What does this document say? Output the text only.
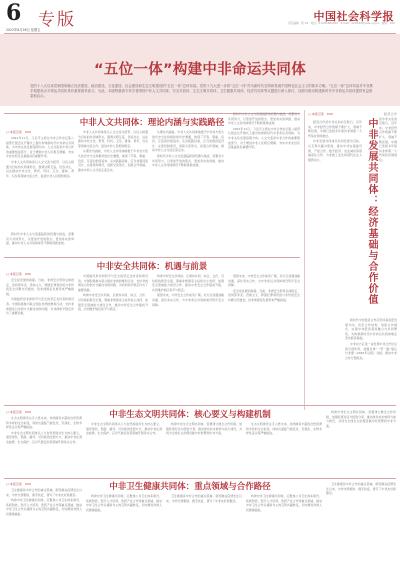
6
2022年8月26日 星期五
专版	中国社会科学报
责任编辑：陈 XX　电话：010-85885XXX　E-mail：XXXXXX@cass.org.cn　排版：XXX
“五位一体”构建中非命运共同体
党的十八大以来党和国家确立经济建设、政治建设、文化建设、社会建设和生态文明建设的“五位一体”总体布局。党的十九大进一步将“五位一体”作为新时代坚持和发展中国特色社会主义的基本方略。“五位一体”总体布局对中非携手构建高水平命运共同体具有重要指导意义。为此，本版特邀请专家学者围绕中非人文共同体、安全共同体、生态文明共同体、卫生健康共同体、经济共同体等议题进行深入探讨，以期为推动构建新时代中非命运共同体提供有益借鉴和启示。
中非发展共同体：经济基础与合作价值
□ 本报记者　XXX

经济合作是中非关系的压舱石。近年来，中非经贸合作规模不断扩大，领域不断拓展，中国已连续多年保持非洲第一大贸易伙伴国地位。

中非发展共同体以共同发展为目标，以互利共赢为原则，推动中非在基础设施、产能合作、数字经济、农业减贫等领域深化合作，为非洲工业化和现代化注入强劲动力。

新时代中非经济合作应坚持高质量发展方向，优化合作结构，创新合作模式，实现中非经济深度融合与共同繁荣，为构建新时代中非命运共同体奠定坚实经济基础。

中非双方应进一步发挥中非合作论坛的引领作用，加强共建“一带一路”倡议与非盟《2063年议程》对接，推动中非合作行稳致远。

经济合作是中非关系的压舱石。近年来，中非经贸合作规模不断扩大，领域不断拓展，中国已连续多年保持非洲第一大贸易伙伴国地位。

中非人文共同体：理论内涵与实践路径
□ 本报记者　XXX

2021年11月，习近平主席在中非合作论坛第八届部长级会议开幕式上提出构建新时代中非命运共同体，为中非关系发展指明方向。人文交流是中非合作的重要组成部分，对于增进中非人民相互理解、夯实中非友好民意基础具有重要作用。

中非人文共同体是以人文交流为纽带、以民心相通为目标的共同体形态，强调文明互鉴、包容共生，旨在推动中非文化、教育、科技、卫生、媒体、青年、妇女等领域交流合作，促进中非人民相知相亲。

中非人文共同体是以人文交流为纽带、以民心相通为目标的共同体形态，强调文明互鉴、包容共生，旨在推动中非文化、教育、科技、卫生、媒体、青年、妇女等领域交流合作，促进中非人民相知相亲。

从理论内涵看，中非人文共同体植根于中非双方悠久的历史交往和相似的历史遭遇，体现了平等、尊重、包容、互鉴的价值追求。从实践路径看，应当加强顶层设计，完善机制建设，创新交流形式，拓展合作领域，推动中非人文交流走深走实。

从理论内涵看，中非人文共同体植根于中非双方悠久的历史交往和相似的历史遭遇，体现了平等、尊重、包容、互鉴的价值追求。从实践路径看，应当加强顶层设计，完善机制建设，创新交流形式，拓展合作领域，推动中非人文交流走深走实。

新时代中非人文交流面临新的机遇与挑战，需要双方共同努力，以更加开放的姿态、更加务实的举措，推动中非人文共同体建设不断取得新成效。

新时代中非人文交流面临新的机遇与挑战，需要双方共同努力，以更加开放的姿态、更加务实的举措，推动中非人文共同体建设不断取得新成效。

2021年11月，习近平主席在中非合作论坛第八届部长级会议开幕式上提出构建新时代中非命运共同体，为中非关系发展指明方向。人文交流是中非合作的重要组成部分，对于增进中非人民相互理解、夯实中非友好民意基础具有重要作用。

新时代中非人文交流面临新的机遇与挑战，需要双方共同努力，以更加开放的姿态、更加务实的举措，推动中非人文共同体建设不断取得新成效。

中非安全共同体：机遇与前景
□ 本报记者　XXX

安全是发展的前提。当前，非洲安全形势总体稳定，但局部冲突、恐怖主义、跨国犯罪等传统与非传统安全问题交织叠加，给非洲国家发展带来严峻挑战。

中国始终是非洲和平与安全的坚定支持者和建设者。中国积极参与联合国在非洲的维和行动，支持非洲国家以非洲方式解决非洲问题，为非洲和平稳定作出了重要贡献。

中国始终是非洲和平与安全的坚定支持者和建设者。中国积极参与联合国在非洲的维和行动，支持非洲国家以非洲方式解决非洲问题，为非洲和平稳定作出了重要贡献。

构建中非安全共同体，应秉持共同、综合、合作、可持续的新安全观，尊重非洲国家主权和自主选择，加强安全领域能力建设合作，推动中非安全合作提质升级，共同维护地区和平与稳定。

构建中非安全共同体，应秉持共同、综合、合作、可持续的新安全观，尊重非洲国家主权和自主选择，加强安全领域能力建设合作，推动中非安全合作提质升级，共同维护地区和平与稳定。

展望未来，中非安全合作前景广阔，双方应加强战略沟通，深化务实合作，为中非命运共同体建设筑牢安全屏障。

展望未来，中非安全合作前景广阔，双方应加强战略沟通，深化务实合作，为中非命运共同体建设筑牢安全屏障。

安全是发展的前提。当前，非洲安全形势总体稳定，但局部冲突、恐怖主义、跨国犯罪等传统与非传统安全问题交织叠加，给非洲国家发展带来严峻挑战。

中非生态文明共同体：核心要义与构建机制
□ 本报记者　XXX

生态文明建设关乎人类未来。非洲拥有丰富的自然资源和多样的生态系统，同时也面临气候变化、荒漠化、生物多样性丧失等严峻挑战。

中非生态文明共同体以人与自然和谐共生为核心要义，倡导绿色、低碳、循环、可持续的发展方式，推动中非在清洁能源、生态保护、应对气候变化等领域开展务实合作。

中非生态文明共同体以人与自然和谐共生为核心要义，倡导绿色、低碳、循环、可持续的发展方式，推动中非在清洁能源、生态保护、应对气候变化等领域开展务实合作。

构建中非生态文明共同体，需要建立健全合作机制，加强政策对话与经验分享，推动绿色技术转移与能力建设，共同为全球生态治理贡献中非智慧和中非方案。

生态文明建设关乎人类未来。非洲拥有丰富的自然资源和多样的生态系统，同时也面临气候变化、荒漠化、生物多样性丧失等严峻挑战。

构建中非生态文明共同体，需要建立健全合作机制，加强政策对话与经验分享，推动绿色技术转移与能力建设，共同为全球生态治理贡献中非智慧和中非方案。

中非卫生健康共同体：重点领域与合作路径
□ 本报记者　XXX

卫生健康是中非合作的重点领域。新冠肺炎疫情发生以来，中非守望相助、携手抗疫，谱写了中非友好新篇章。

构建中非卫生健康共同体，应聚焦公共卫生体系建设、疾病防控、医疗人才培养、医药产业合作等重点领域，推动中非卫生合作从援助为主向互利共赢转变，切实增进非洲人民健康福祉。

构建中非卫生健康共同体，应聚焦公共卫生体系建设、疾病防控、医疗人才培养、医药产业合作等重点领域，推动中非卫生合作从援助为主向互利共赢转变，切实增进非洲人民健康福祉。

卫生健康是中非合作的重点领域。新冠肺炎疫情发生以来，中非守望相助、携手抗疫，谱写了中非友好新篇章。

构建中非卫生健康共同体，应聚焦公共卫生体系建设、疾病防控、医疗人才培养、医药产业合作等重点领域，推动中非卫生合作从援助为主向互利共赢转变，切实增进非洲人民健康福祉。

卫生健康是中非合作的重点领域。新冠肺炎疫情发生以来，中非守望相助、携手抗疫，谱写了中非友好新篇章。
